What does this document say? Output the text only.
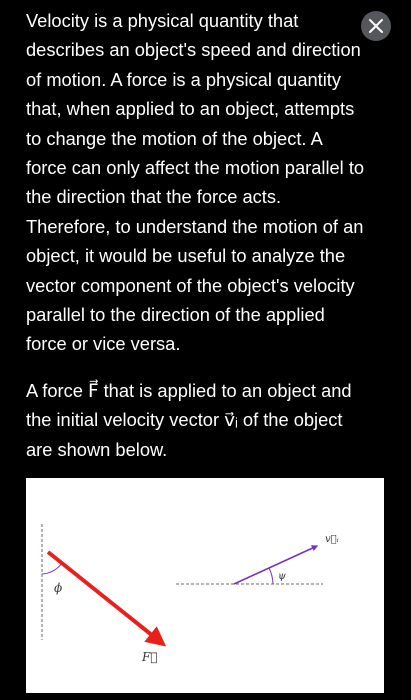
Velocity is a physical quantity that
describes an object's speed and direction
of motion. A force is a physical quantity
that, when applied to an object, attempts
to change the motion of the object. A
force can only affect the motion parallel to
the direction that the force acts.
Therefore, to understand the motion of an
object, it would be useful to analyze the
vector component of the object's velocity
parallel to the direction of the applied
force or vice versa.
A force F⃗ that is applied to an object and
the initial velocity vector v⃗ᵢ of the object
are shown below.
ϕ
F⃗
ψ
v⃗ᵢ
